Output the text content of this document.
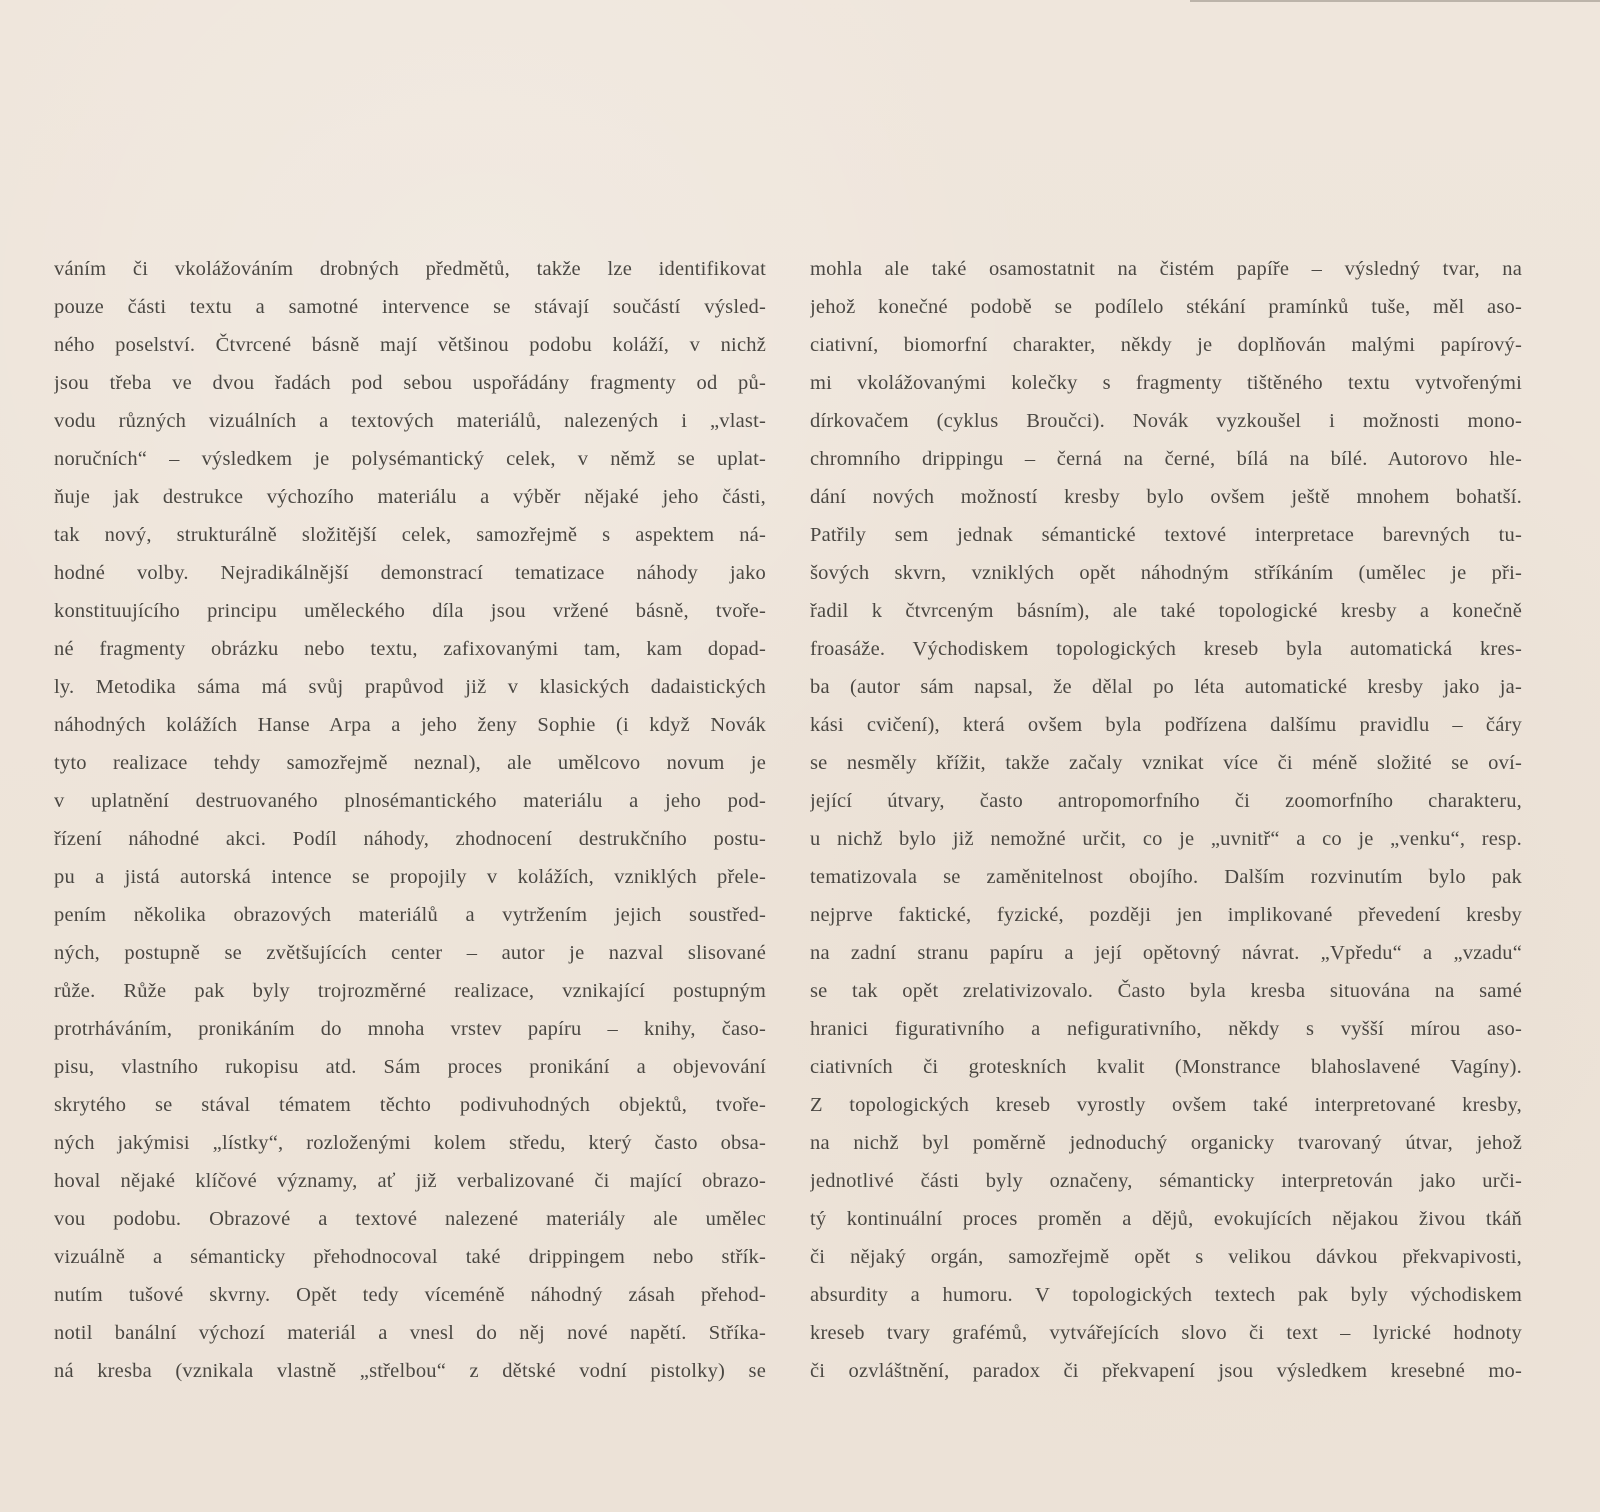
váním či vkolážováním drobných předmětů, takže lze identifikovat
pouze části textu a samotné intervence se stávají součástí výsled-
ného poselství. Čtvrcené básně mají většinou podobu koláží, v nichž
jsou třeba ve dvou řadách pod sebou uspořádány fragmenty od pů-
vodu různých vizuálních a textových materiálů, nalezených i „vlast-
noručních“ – výsledkem je polysémantický celek, v němž se uplat-
ňuje jak destrukce výchozího materiálu a výběr nějaké jeho části,
tak nový, strukturálně složitější celek, samozřejmě s aspektem ná-
hodné volby. Nejradikálnější demonstrací tematizace náhody jako
konstituujícího principu uměleckého díla jsou vržené básně, tvoře-
né fragmenty obrázku nebo textu, zafixovanými tam, kam dopad-
ly. Metodika sáma má svůj prapůvod již v klasických dadaistických
náhodných kolážích Hanse Arpa a jeho ženy Sophie (i když Novák
tyto realizace tehdy samozřejmě neznal), ale umělcovo novum je
v uplatnění destruovaného plnosémantického materiálu a jeho pod-
řízení náhodné akci. Podíl náhody, zhodnocení destrukčního postu-
pu a jistá autorská intence se propojily v kolážích, vzniklých přele-
pením několika obrazových materiálů a vytržením jejich soustřed-
ných, postupně se zvětšujících center – autor je nazval slisované
růže. Růže pak byly trojrozměrné realizace, vznikající postupným
protrháváním, pronikáním do mnoha vrstev papíru – knihy, časo-
pisu, vlastního rukopisu atd. Sám proces pronikání a objevování
skrytého se stával tématem těchto podivuhodných objektů, tvoře-
ných jakýmisi „lístky“, rozloženými kolem středu, který často obsa-
hoval nějaké klíčové významy, ať již verbalizované či mající obrazo-
vou podobu. Obrazové a textové nalezené materiály ale umělec
vizuálně a sémanticky přehodnocoval také drippingem nebo střík-
nutím tušové skvrny. Opět tedy víceméně náhodný zásah přehod-
notil banální výchozí materiál a vnesl do něj nové napětí. Stříka-
ná kresba (vznikala vlastně „střelbou“ z dětské vodní pistolky) se
mohla ale také osamostatnit na čistém papíře – výsledný tvar, na
jehož konečné podobě se podílelo stékání pramínků tuše, měl aso-
ciativní, biomorfní charakter, někdy je doplňován malými papírový-
mi vkolážovanými kolečky s fragmenty tištěného textu vytvořenými
dírkovačem (cyklus Broučci). Novák vyzkoušel i možnosti mono-
chromního drippingu – černá na černé, bílá na bílé. Autorovo hle-
dání nových možností kresby bylo ovšem ještě mnohem bohatší.
Patřily sem jednak sémantické textové interpretace barevných tu-
šových skvrn, vzniklých opět náhodným stříkáním (umělec je při-
řadil k čtvrceným básním), ale také topologické kresby a konečně
froasáže. Východiskem topologických kreseb byla automatická kres-
ba (autor sám napsal, že dělal po léta automatické kresby jako ja-
kási cvičení), která ovšem byla podřízena dalšímu pravidlu – čáry
se nesměly křížit, takže začaly vznikat více či méně složité se oví-
jející útvary, často antropomorfního či zoomorfního charakteru,
u nichž bylo již nemožné určit, co je „uvnitř“ a co je „venku“, resp.
tematizovala se zaměnitelnost obojího. Dalším rozvinutím bylo pak
nejprve faktické, fyzické, později jen implikované převedení kresby
na zadní stranu papíru a její opětovný návrat. „Vpředu“ a „vzadu“
se tak opět zrelativizovalo. Často byla kresba situována na samé
hranici figurativního a nefigurativního, někdy s vyšší mírou aso-
ciativních či groteskních kvalit (Monstrance blahoslavené Vagíny).
Z topologických kreseb vyrostly ovšem také interpretované kresby,
na nichž byl poměrně jednoduchý organicky tvarovaný útvar, jehož
jednotlivé části byly označeny, sémanticky interpretován jako urči-
tý kontinuální proces proměn a dějů, evokujících nějakou živou tkáň
či nějaký orgán, samozřejmě opět s velikou dávkou překvapivosti,
absurdity a humoru. V topologických textech pak byly východiskem
kreseb tvary grafémů, vytvářejících slovo či text – lyrické hodnoty
či ozvláštnění, paradox či překvapení jsou výsledkem kresebné mo-
